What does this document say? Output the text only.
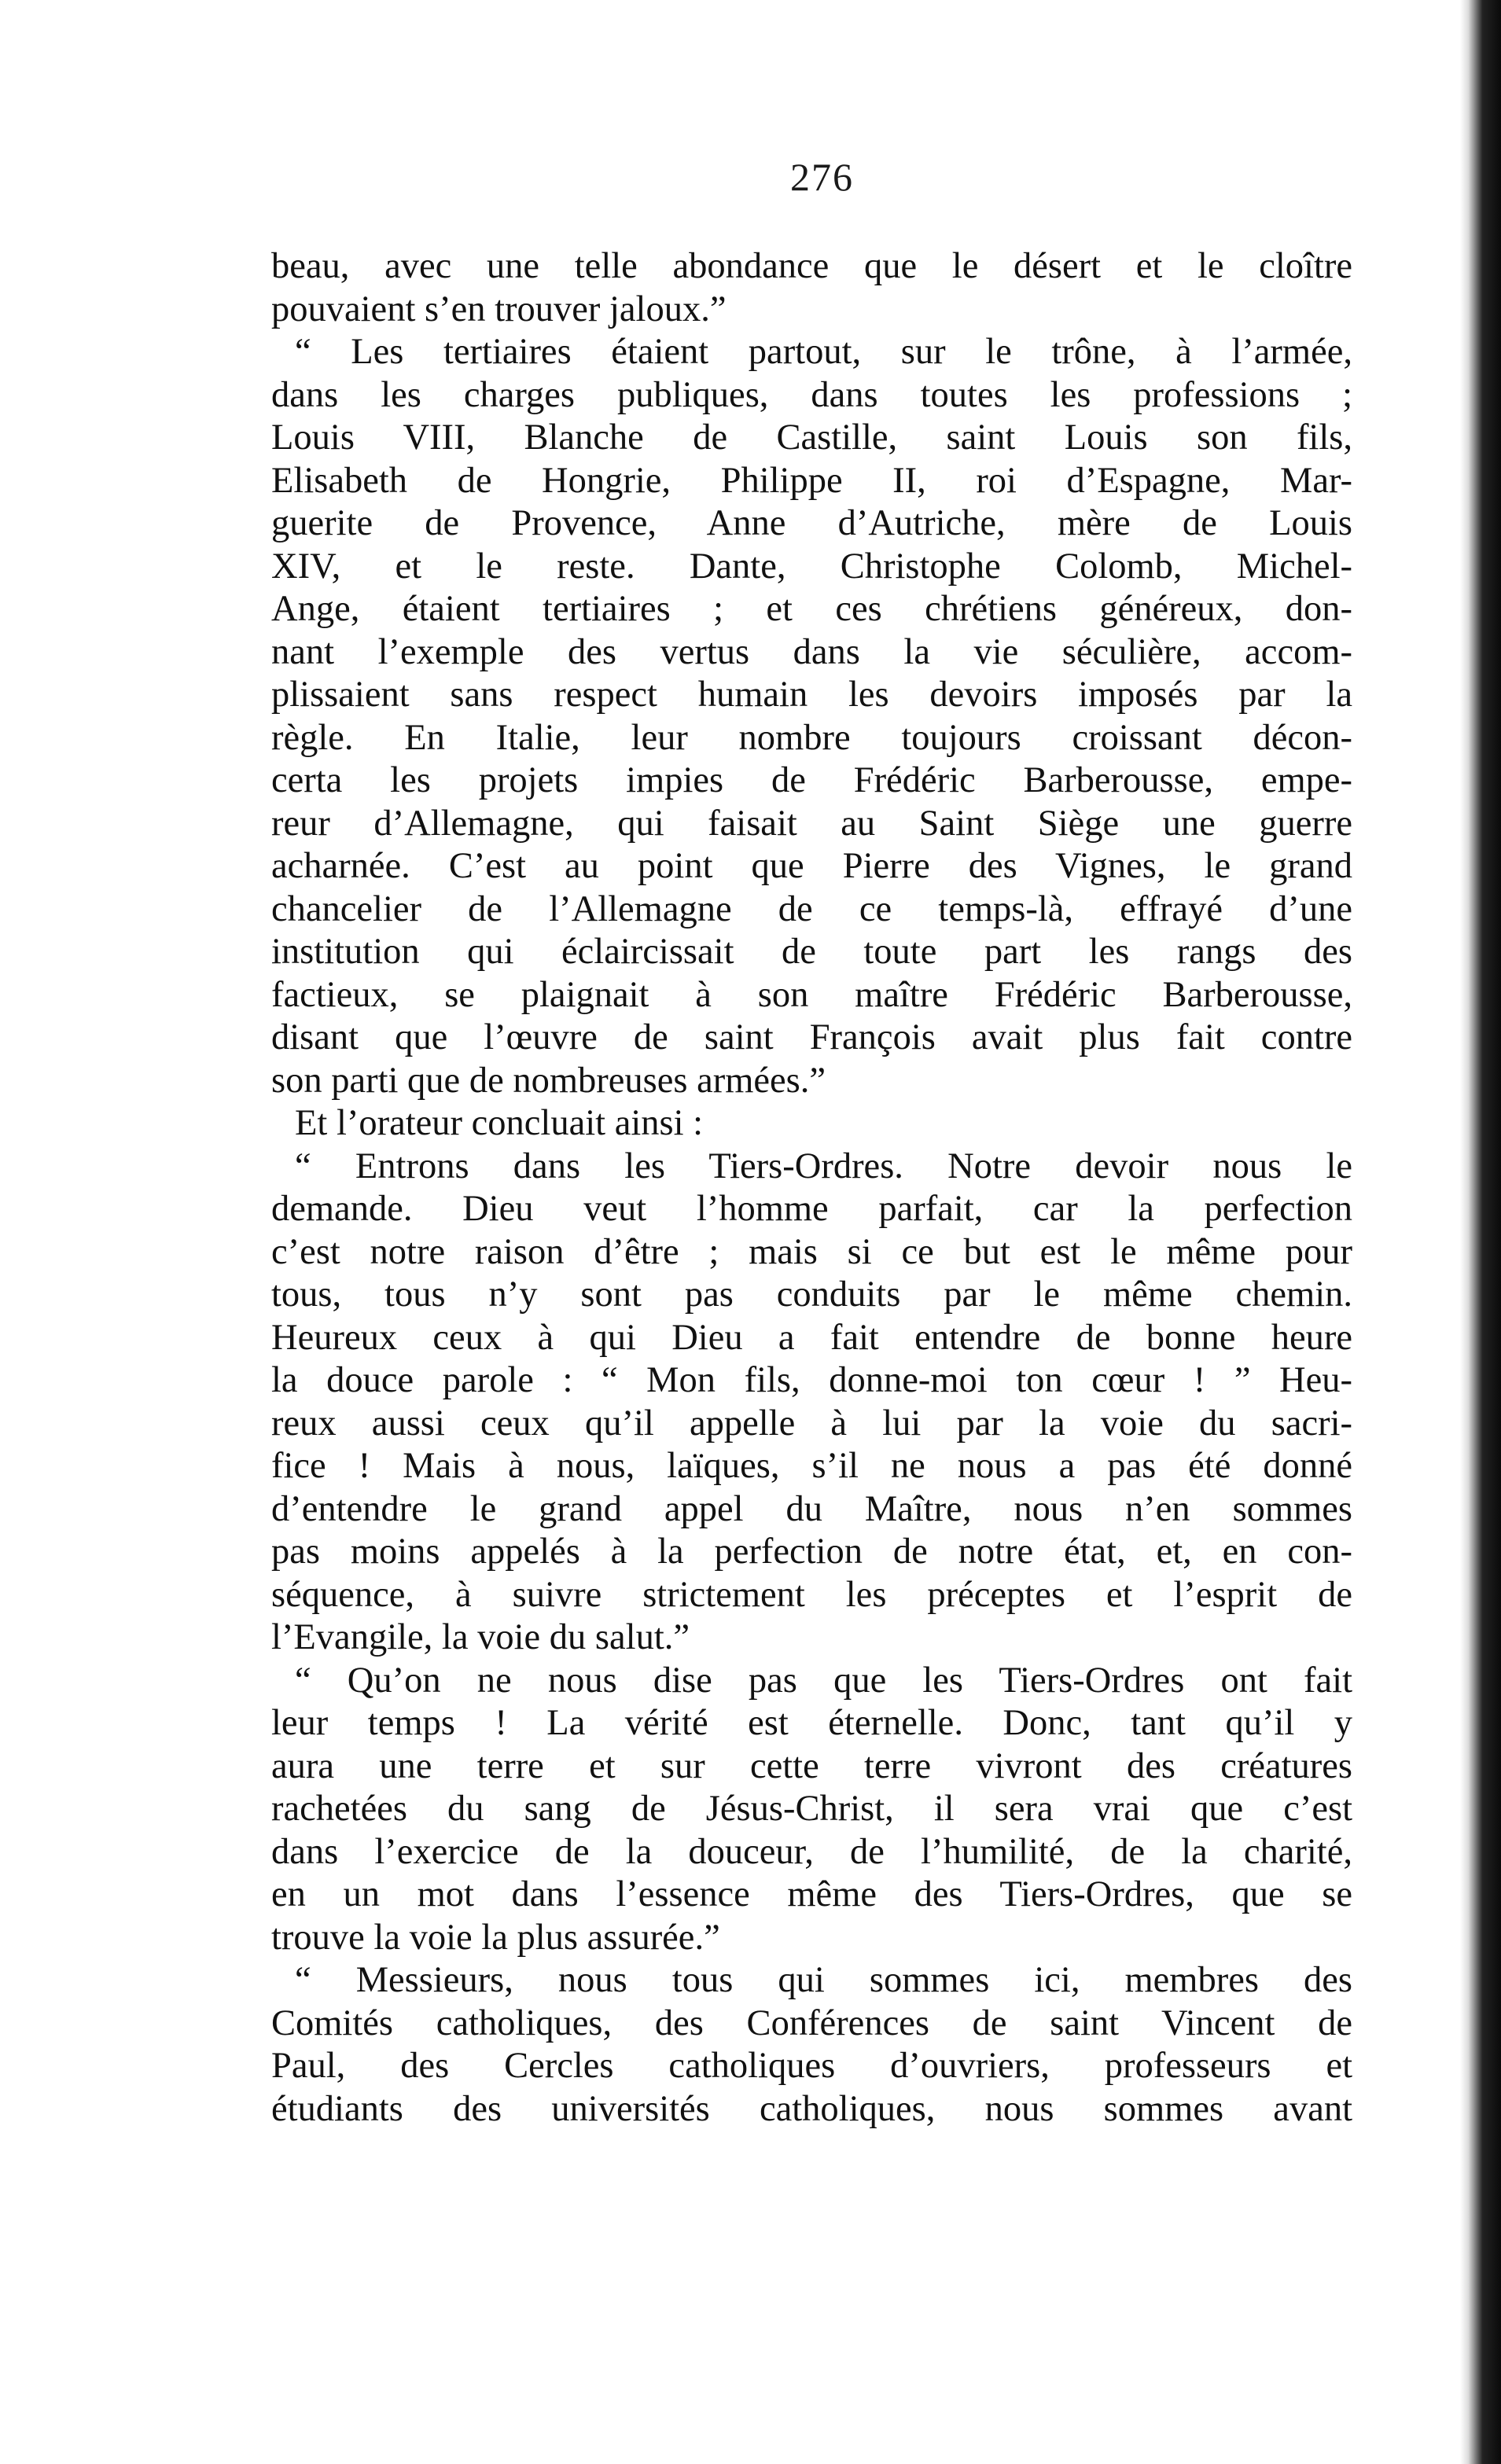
276
beau, avec une telle abondance que le désert et le cloître
pouvaient s’en trouver jaloux.”
“ Les tertiaires étaient partout, sur le trône, à l’armée,
dans les charges publiques, dans toutes les professions ;
Louis VIII, Blanche de Castille, saint Louis son fils,
Elisabeth de Hongrie, Philippe II, roi d’Espagne, Mar-
guerite de Provence, Anne d’Autriche, mère de Louis
XIV, et le reste. Dante, Christophe Colomb, Michel-
Ange, étaient tertiaires ; et ces chrétiens généreux, don-
nant l’exemple des vertus dans la vie séculière, accom-
plissaient sans respect humain les devoirs imposés par la
règle. En Italie, leur nombre toujours croissant décon-
certa les projets impies de Frédéric Barberousse, empe-
reur d’Allemagne, qui faisait au Saint Siège une guerre
acharnée. C’est au point que Pierre des Vignes, le grand
chancelier de l’Allemagne de ce temps-là, effrayé d’une
institution qui éclaircissait de toute part les rangs des
factieux, se plaignait à son maître Frédéric Barberousse,
disant que l’œuvre de saint François avait plus fait contre
son parti que de nombreuses armées.”
Et l’orateur concluait ainsi :
“ Entrons dans les Tiers-Ordres. Notre devoir nous le
demande. Dieu veut l’homme parfait, car la perfection
c’est notre raison d’être ; mais si ce but est le même pour
tous, tous n’y sont pas conduits par le même chemin.
Heureux ceux à qui Dieu a fait entendre de bonne heure
la douce parole : “ Mon fils, donne-moi ton cœur ! ” Heu-
reux aussi ceux qu’il appelle à lui par la voie du sacri-
fice ! Mais à nous, laïques, s’il ne nous a pas été donné
d’entendre le grand appel du Maître, nous n’en sommes
pas moins appelés à la perfection de notre état, et, en con-
séquence, à suivre strictement les préceptes et l’esprit de
l’Evangile, la voie du salut.”
“ Qu’on ne nous dise pas que les Tiers-Ordres ont fait
leur temps ! La vérité est éternelle. Donc, tant qu’il y
aura une terre et sur cette terre vivront des créatures
rachetées du sang de Jésus-Christ, il sera vrai que c’est
dans l’exercice de la douceur, de l’humilité, de la charité,
en un mot dans l’essence même des Tiers-Ordres, que se
trouve la voie la plus assurée.”
“ Messieurs, nous tous qui sommes ici, membres des
Comités catholiques, des Conférences de saint Vincent de
Paul, des Cercles catholiques d’ouvriers, professeurs et
étudiants des universités catholiques, nous sommes avant
